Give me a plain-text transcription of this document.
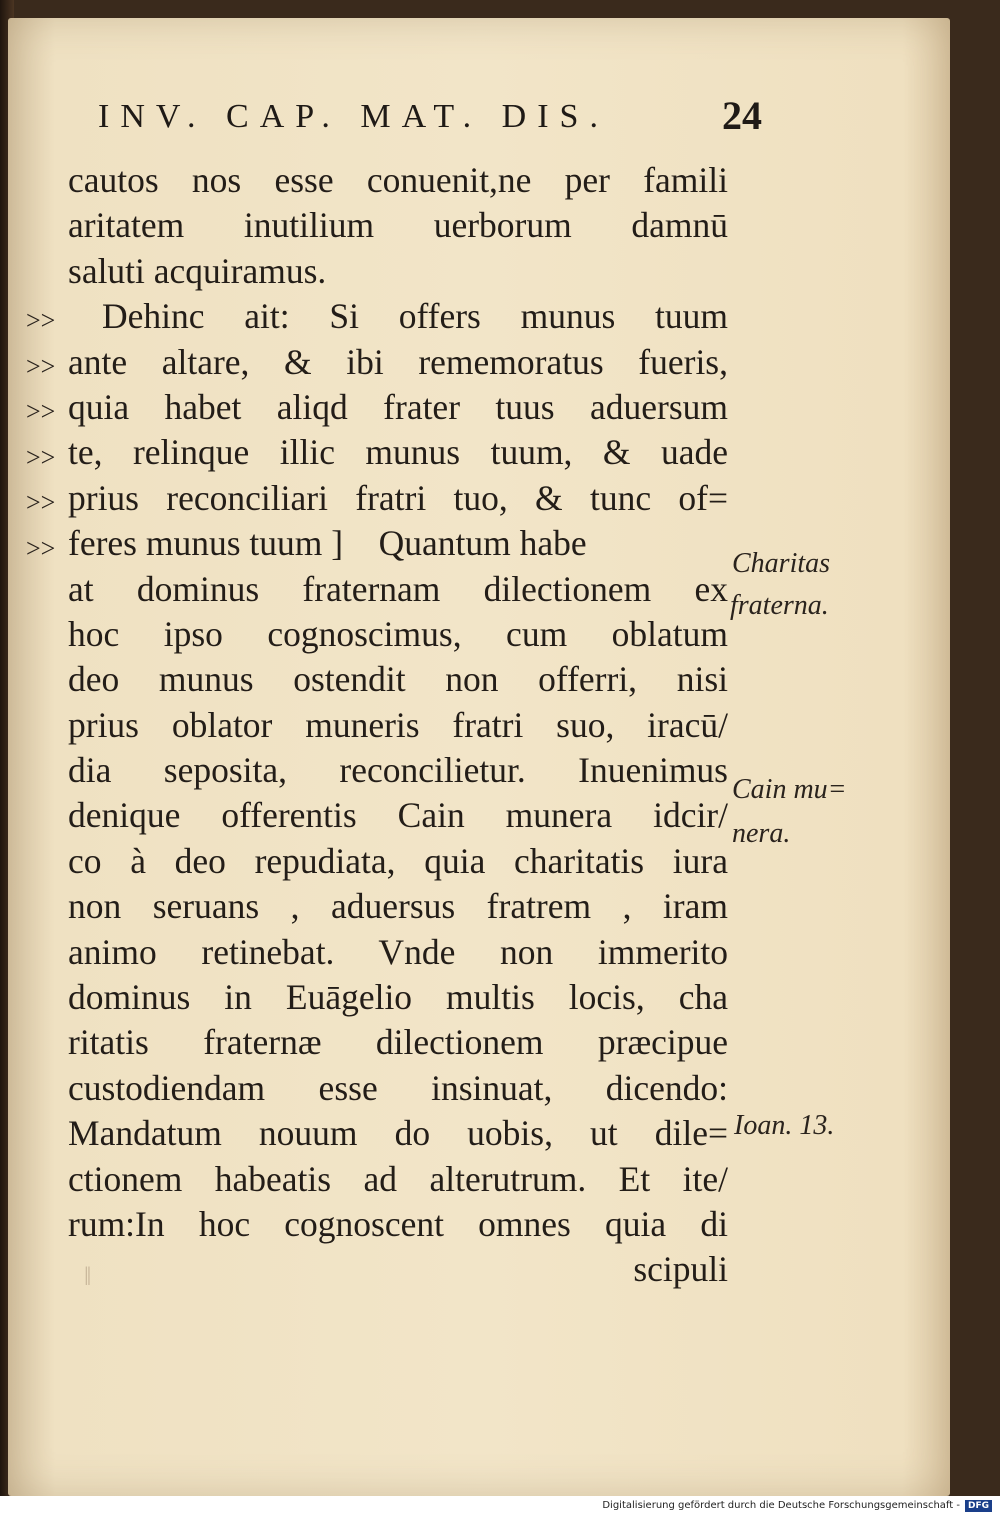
INV. CAP. MAT. DIS.	24
cautos nos esse conuenit,ne per famili
aritatem inutilium uerborum damnū
saluti acquiramus.
Dehinc ait: Si offers munus tuum
ante altare, & ibi rememoratus fueris,
quia habet aliqd frater tuus aduersum
te, relinque illic munus tuum, & uade
prius reconciliari fratri tuo, & tunc of=
feres munus tuum ]    Quantum habe
at dominus fraternam dilectionem ex
hoc ipso cognoscimus, cum oblatum
deo munus ostendit non offerri, nisi
prius oblator muneris fratri suo, iracū/
dia seposita, reconcilietur. Inuenimus
denique offerentis Cain munera idcir/
co à deo repudiata, quia charitatis iura
non seruans , aduersus fratrem , iram
animo retinebat. Vnde non immerito
dominus in Euāgelio multis locis, cha
ritatis fraternæ dilectionem præcipue
custodiendam esse insinuat, dicendo:
Mandatum nouum do uobis, ut dile=
ctionem habeatis ad alterutrum. Et ite/
rum:In hoc cognoscent omnes quia di
scipuli
>>
>>
>>
>>
>>
>>	Charitas
fraterna.
Cain mu=
nera.
Ioan. 13.
ǁ
Digitalisierung gefördert durch die Deutsche Forschungsgemeinschaft - DFG
